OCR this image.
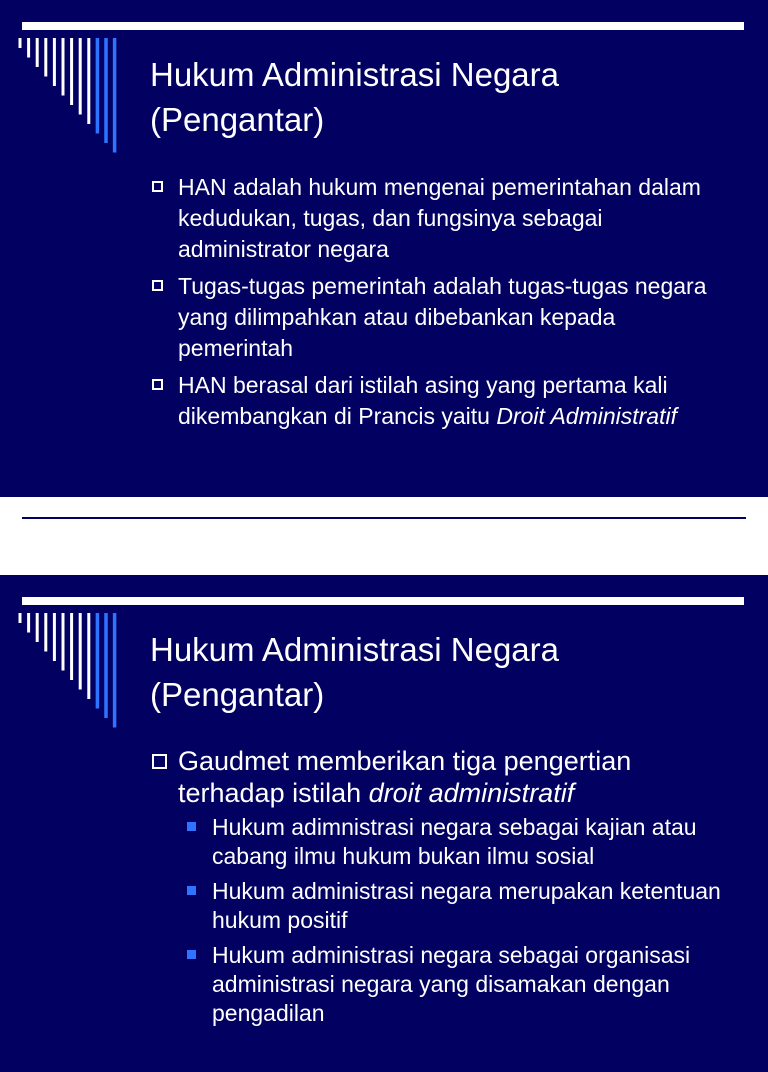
Hukum Administrasi Negara
(Pengantar)
HAN adalah hukum mengenai pemerintahan dalam kedudukan, tugas, dan fungsinya sebagai administrator negara
Tugas-tugas pemerintah adalah tugas-tugas negara yang dilimpahkan atau dibebankan kepada pemerintah
HAN berasal dari istilah asing yang pertama kali dikembangkan di Prancis yaitu Droit Administratif
Hukum Administrasi Negara
(Pengantar)
Gaudmet memberikan tiga pengertian terhadap istilah droit administratif
Hukum adimnistrasi negara sebagai kajian atau cabang ilmu hukum bukan ilmu sosial
Hukum administrasi negara merupakan ketentuan hukum positif
Hukum administrasi negara sebagai organisasi administrasi negara yang disamakan dengan pengadilan
